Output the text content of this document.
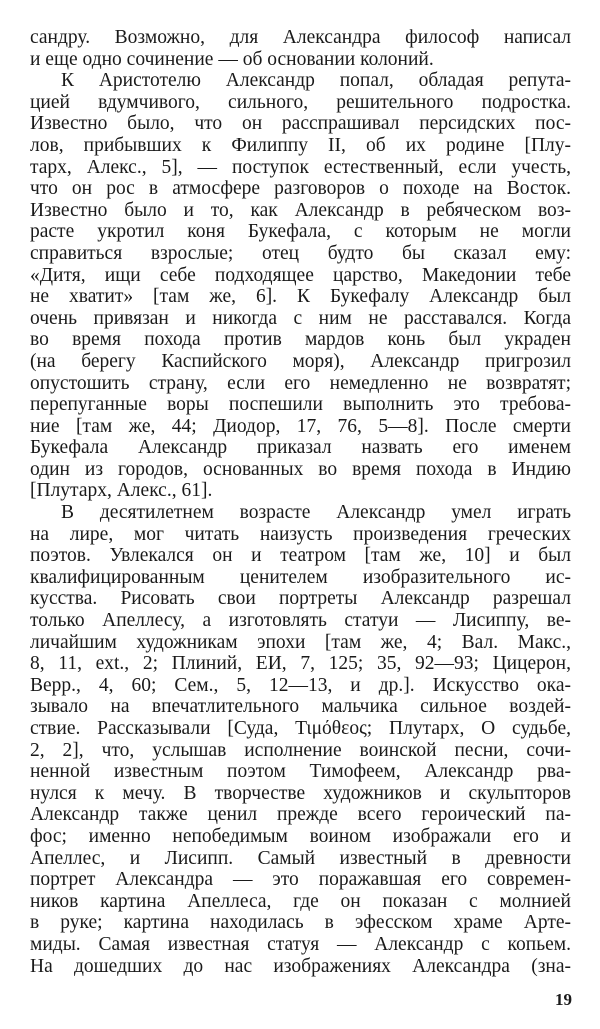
сандру. Возможно, для Александра философ написал
и еще одно сочинение — об основании колоний.
К Аристотелю Александр попал, обладая репута-
цией вдумчивого, сильного, решительного подростка.
Известно было, что он расспрашивал персидских пос-
лов, прибывших к Филиппу II, об их родине [Плу-
тарх, Алекс., 5], — поступок естественный, если учесть,
что он рос в атмосфере разговоров о походе на Восток.
Известно было и то, как Александр в ребяческом воз-
расте укротил коня Букефала, с которым не могли
справиться взрослые; отец будто бы сказал ему:
«Дитя, ищи себе подходящее царство, Македонии тебе
не хватит» [там же, 6]. К Букефалу Александр был
очень привязан и никогда с ним не расставался. Когда
во время похода против мардов конь был украден
(на берегу Каспийского моря), Александр пригрозил
опустошить страну, если его немедленно не возвратят;
перепуганные воры поспешили выполнить это требова-
ние [там же, 44; Диодор, 17, 76, 5—8]. После смерти
Букефала Александр приказал назвать его именем
один из городов, основанных во время похода в Индию
[Плутарх, Алекс., 61].
В десятилетнем возрасте Александр умел играть
на лире, мог читать наизусть произведения греческих
поэтов. Увлекался он и театром [там же, 10] и был
квалифицированным ценителем изобразительного ис-
кусства. Рисовать свои портреты Александр разрешал
только Апеллесу, а изготовлять статуи — Лисиппу, ве-
личайшим художникам эпохи [там же, 4; Вал. Макс.,
8, 11, ext., 2; Плиний, ЕИ, 7, 125; 35, 92—93; Цицерон,
Верр., 4, 60; Сем., 5, 12—13, и др.]. Искусство ока-
зывало на впечатлительного мальчика сильное воздей-
ствие. Рассказывали [Суда, Τιμόθεος; Плутарх, О судьбе,
2, 2], что, услышав исполнение воинской песни, сочи-
ненной известным поэтом Тимофеем, Александр рва-
нулся к мечу. В творчестве художников и скульпторов
Александр также ценил прежде всего героический па-
фос; именно непобедимым воином изображали его и
Апеллес, и Лисипп. Самый известный в древности
портрет Александра — это поражавшая его современ-
ников картина Апеллеса, где он показан с молнией
в руке; картина находилась в эфесском храме Арте-
миды. Самая известная статуя — Александр с копьем.
На дошедших до нас изображениях Александра (зна-
19
